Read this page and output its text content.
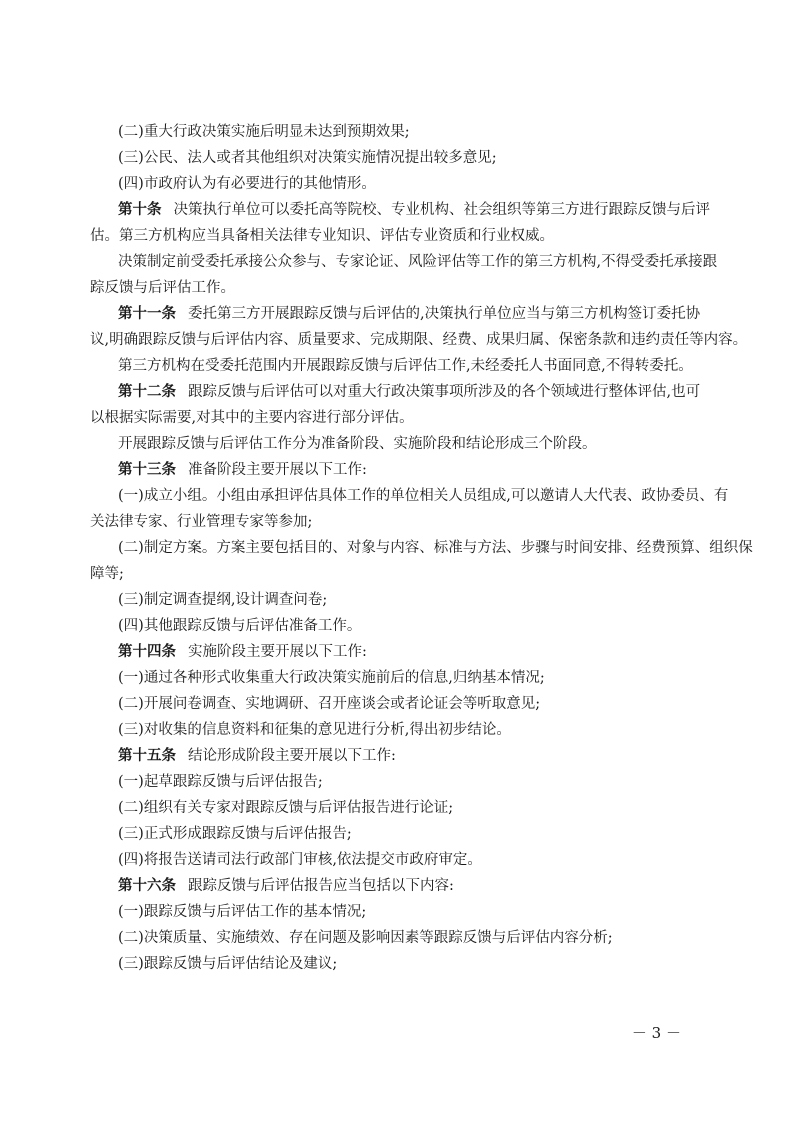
(二)重大行政决策实施后明显未达到预期效果;

(三)公民、法人或者其他组织对决策实施情况提出较多意见;

(四)市政府认为有必要进行的其他情形。

第十条 决策执行单位可以委托高等院校、专业机构、社会组织等第三方进行跟踪反馈与后评

估。第三方机构应当具备相关法律专业知识、评估专业资质和行业权威。

决策制定前受委托承接公众参与、专家论证、风险评估等工作的第三方机构,不得受委托承接跟

踪反馈与后评估工作。

第十一条 委托第三方开展跟踪反馈与后评估的,决策执行单位应当与第三方机构签订委托协

议,明确跟踪反馈与后评估内容、质量要求、完成期限、经费、成果归属、保密条款和违约责任等内容。

第三方机构在受委托范围内开展跟踪反馈与后评估工作,未经委托人书面同意,不得转委托。

第十二条 跟踪反馈与后评估可以对重大行政决策事项所涉及的各个领域进行整体评估,也可

以根据实际需要,对其中的主要内容进行部分评估。

开展跟踪反馈与后评估工作分为准备阶段、实施阶段和结论形成三个阶段。

第十三条 准备阶段主要开展以下工作:

(一)成立小组。小组由承担评估具体工作的单位相关人员组成,可以邀请人大代表、政协委员、有

关法律专家、行业管理专家等参加;

(二)制定方案。方案主要包括目的、对象与内容、标准与方法、步骤与时间安排、经费预算、组织保

障等;

(三)制定调查提纲,设计调查问卷;

(四)其他跟踪反馈与后评估准备工作。

第十四条 实施阶段主要开展以下工作:

(一)通过各种形式收集重大行政决策实施前后的信息,归纳基本情况;

(二)开展问卷调查、实地调研、召开座谈会或者论证会等听取意见;

(三)对收集的信息资料和征集的意见进行分析,得出初步结论。

第十五条 结论形成阶段主要开展以下工作:

(一)起草跟踪反馈与后评估报告;

(二)组织有关专家对跟踪反馈与后评估报告进行论证;

(三)正式形成跟踪反馈与后评估报告;

(四)将报告送请司法行政部门审核,依法提交市政府审定。

第十六条 跟踪反馈与后评估报告应当包括以下内容:

(一)跟踪反馈与后评估工作的基本情况;

(二)决策质量、实施绩效、存在问题及影响因素等跟踪反馈与后评估内容分析;

(三)跟踪反馈与后评估结论及建议;

－ 3 －
